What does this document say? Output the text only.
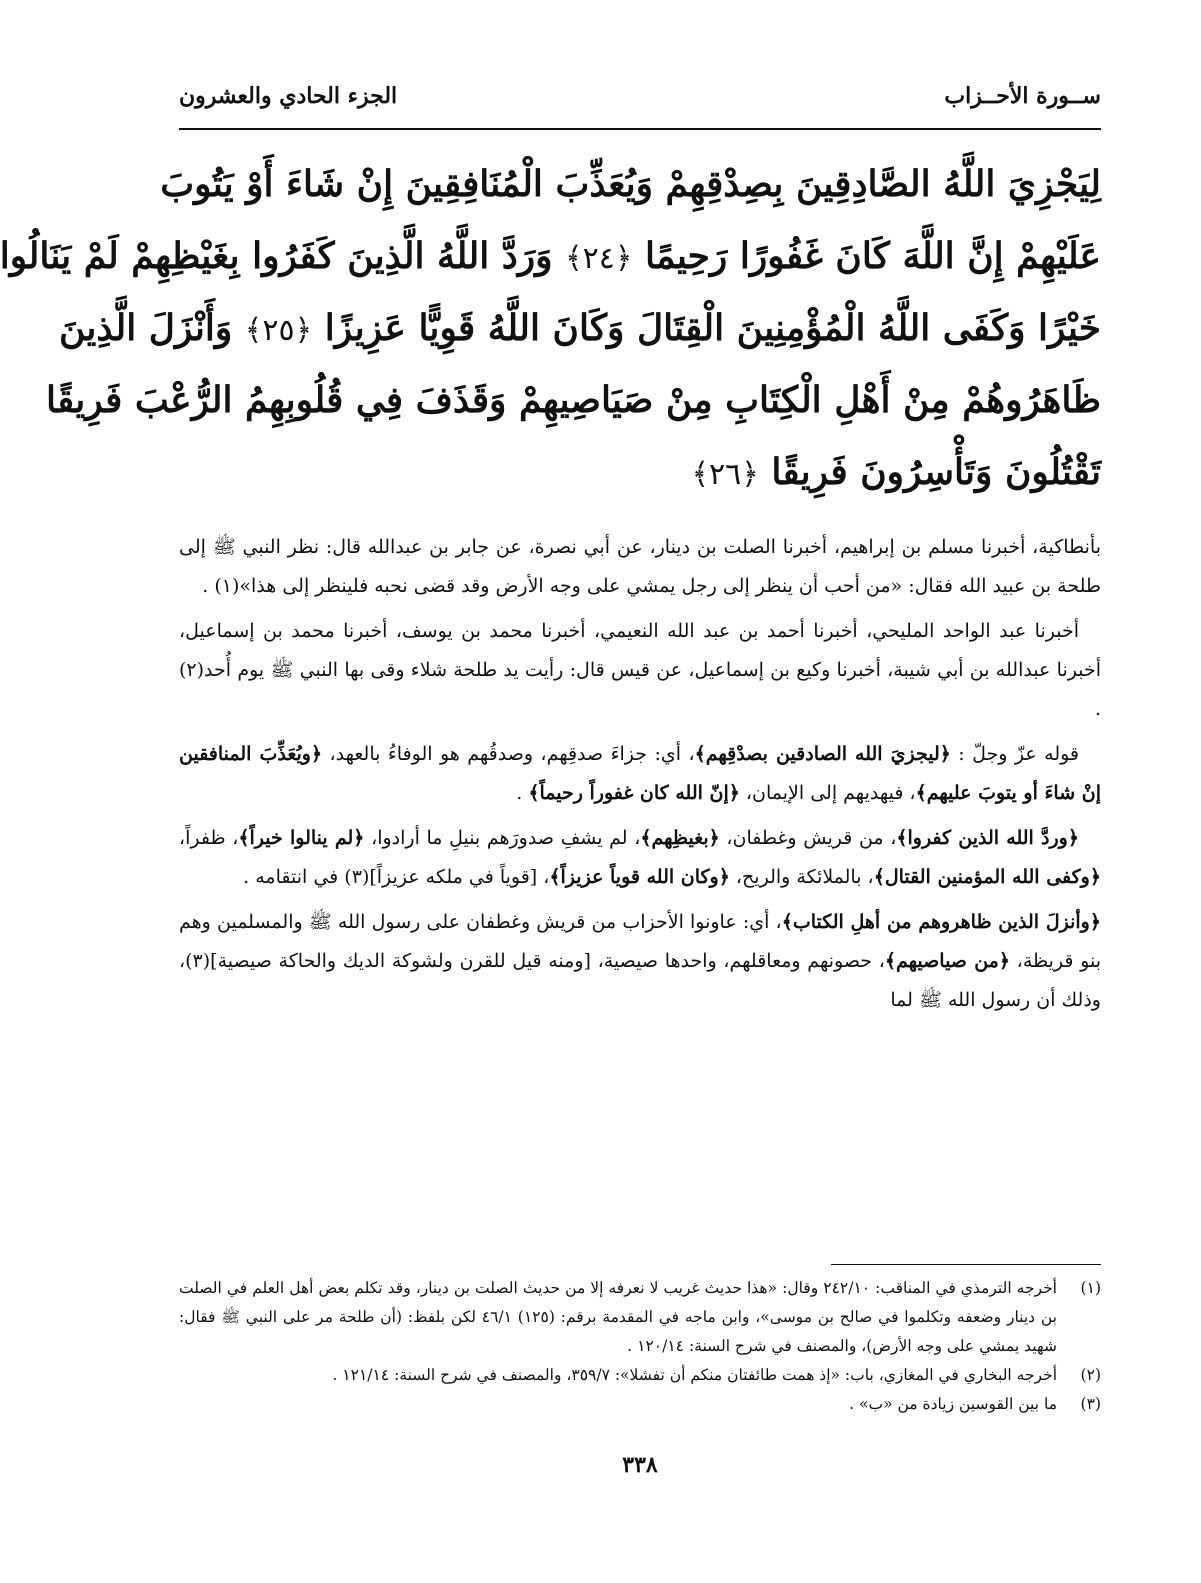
ســورة الأحــزاب
الجزء الحادي والعشرون
لِيَجْزِيَ اللَّهُ الصَّادِقِينَ بِصِدْقِهِمْ وَيُعَذِّبَ الْمُنَافِقِينَ إِنْ شَاءَ أَوْ يَتُوبَ
عَلَيْهِمْ إِنَّ اللَّهَ كَانَ غَفُورًا رَحِيمًا ﴿٢٤﴾ وَرَدَّ اللَّهُ الَّذِينَ كَفَرُوا بِغَيْظِهِمْ لَمْ يَنَالُوا
خَيْرًا وَكَفَى اللَّهُ الْمُؤْمِنِينَ الْقِتَالَ وَكَانَ اللَّهُ قَوِيًّا عَزِيزًا ﴿٢٥﴾ وَأَنْزَلَ الَّذِينَ
ظَاهَرُوهُمْ مِنْ أَهْلِ الْكِتَابِ مِنْ صَيَاصِيهِمْ وَقَذَفَ فِي قُلُوبِهِمُ الرُّعْبَ فَرِيقًا
تَقْتُلُونَ وَتَأْسِرُونَ فَرِيقًا ﴿٢٦﴾

بأنطاكية، أخبرنا مسلم بن إبراهيم، أخبرنا الصلت بن دينار، عن أبي نصرة، عن جابر بن عبدالله قال: نظر النبي ﷺ إلى طلحة بن عبيد الله فقال: «من أحب أن ينظر إلى رجل يمشي على وجه الأرض وقد قضى نحبه فلينظر إلى هذا»(١) .

أخبرنا عبد الواحد المليحي، أخبرنا أحمد بن عبد الله النعيمي، أخبرنا محمد بن يوسف، أخبرنا محمد بن إسماعيل، أخبرنا عبدالله بن أبي شيبة، أخبرنا وكيع بن إسماعيل، عن قيس قال: رأيت يد طلحة شلاء وقى بها النبي ﷺ يوم أُحد(٢) .

قوله عزّ وجلّ : ﴿ليجزيَ الله الصادقين بصدْقِهم﴾، أي: جزاءَ صدقِهم، وصدقُهم هو الوفاءُ بالعهد، ﴿ويُعَذِّبَ المنافقين إنْ شاءَ أو يتوبَ عليهم﴾، فيهديهم إلى الإيمان، ﴿إنّ الله كان غفوراً رحيماً﴾ .

﴿وردَّ الله الذين كفروا﴾، من قريش وغطفان، ﴿بغيظِهم﴾، لم يشفِ صدورَهم بنيلِ ما أرادوا، ﴿لم ينالوا خيراً﴾، ظفراً، ﴿وكفى الله المؤمنين القتال﴾، بالملائكة والريح، ﴿وكان الله قوياً عزيزاً﴾، [قوياً في ملكه عزيزاً](٣) في انتقامه .

﴿وأنزلَ الذين ظاهروهم من أهلِ الكتاب﴾، أي: عاونوا الأحزاب من قريش وغطفان على رسول الله ﷺ والمسلمين وهم بنو قريظة، ﴿من صياصيهم﴾، حصونهم ومعاقلهم، واحدها صيصية، [ومنه قيل للقرن ولشوكة الديك والحاكة صيصية](٣)، وذلك أن رسول الله ﷺ لما

(١)
أخرجه الترمذي في المناقب: ٢٤٢/١٠ وقال: «هذا حديث غريب لا نعرفه إلا من حديث الصلت بن دينار، وقد تكلم بعض أهل العلم في الصلت بن دينار وضعفه وتكلموا في صالح بن موسى»، وابن ماجه في المقدمة برقم: (١٢٥) ٤٦/١ لكن بلفظ: (أن طلحة مر على النبي ﷺ فقال: شهيد يمشي على وجه الأرض)، والمصنف في شرح السنة: ١٢٠/١٤ .
(٢)
أخرجه البخاري في المغازي، باب: «إذ همت طائفتان منكم أن تفشلا»: ٣٥٩/٧، والمصنف في شرح السنة: ١٢١/١٤ .
(٣)
ما بين القوسين زيادة من «ب» .
٣٣٨
